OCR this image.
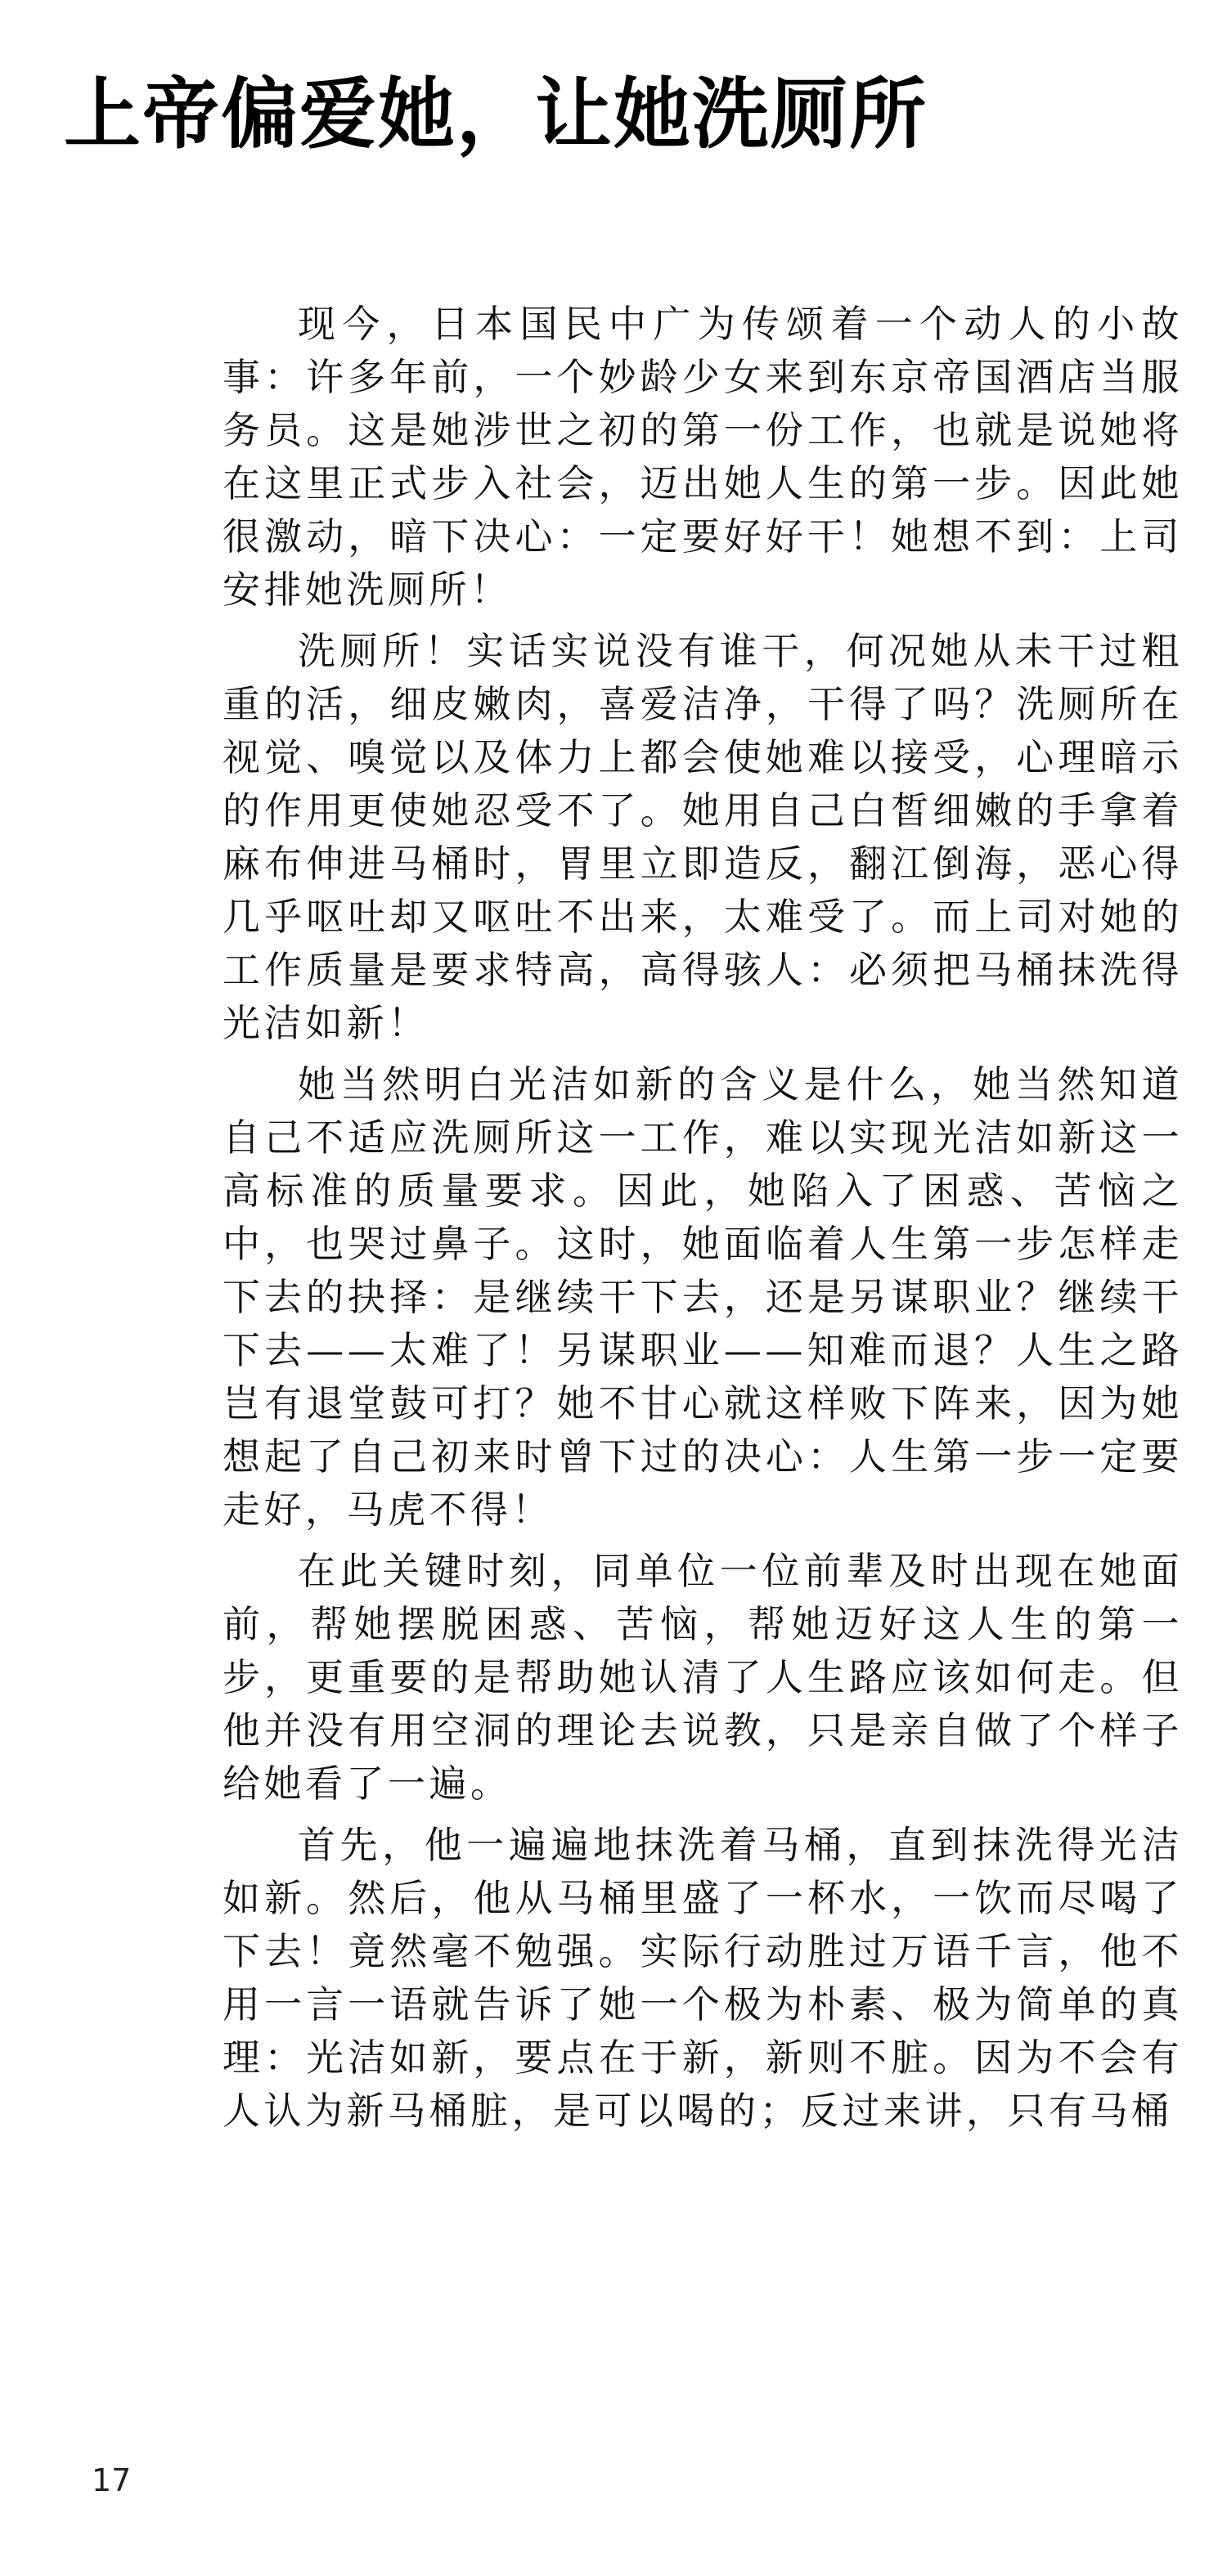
上帝偏爱她，让她洗厕所

现今，日本国民中广为传颂着一个动人的小故事：许多年前，一个妙龄少女来到东京帝国酒店当服务员。这是她涉世之初的第一份工作，也就是说她将在这里正式步入社会，迈出她人生的第一步。因此她很激动，暗下决心：一定要好好干！她想不到：上司安排她洗厕所！

洗厕所！实话实说没有谁干，何况她从未干过粗重的活，细皮嫩肉，喜爱洁净，干得了吗？洗厕所在视觉、嗅觉以及体力上都会使她难以接受，心理暗示的作用更使她忍受不了。她用自己白皙细嫩的手拿着麻布伸进马桶时，胃里立即造反，翻江倒海，恶心得几乎呕吐却又呕吐不出来，太难受了。而上司对她的工作质量是要求特高，高得骇人：必须把马桶抹洗得光洁如新！

她当然明白光洁如新的含义是什么，她当然知道自己不适应洗厕所这一工作，难以实现光洁如新这一高标准的质量要求。因此，她陷入了困惑、苦恼之中，也哭过鼻子。这时，她面临着人生第一步怎样走下去的抉择：是继续干下去，还是另谋职业？继续干下去——太难了！另谋职业——知难而退？人生之路岂有退堂鼓可打？她不甘心就这样败下阵来，因为她想起了自己初来时曾下过的决心：人生第一步一定要走好，马虎不得！

在此关键时刻，同单位一位前辈及时出现在她面前，帮她摆脱困惑、苦恼，帮她迈好这人生的第一步，更重要的是帮助她认清了人生路应该如何走。但他并没有用空洞的理论去说教，只是亲自做了个样子给她看了一遍。

首先，他一遍遍地抹洗着马桶，直到抹洗得光洁如新。然后，他从马桶里盛了一杯水，一饮而尽喝了下去！竟然毫不勉强。实际行动胜过万语千言，他不用一言一语就告诉了她一个极为朴素、极为简单的真理：光洁如新，要点在于新，新则不脏。因为不会有人认为新马桶脏，是可以喝的；反过来讲，只有马桶

17
